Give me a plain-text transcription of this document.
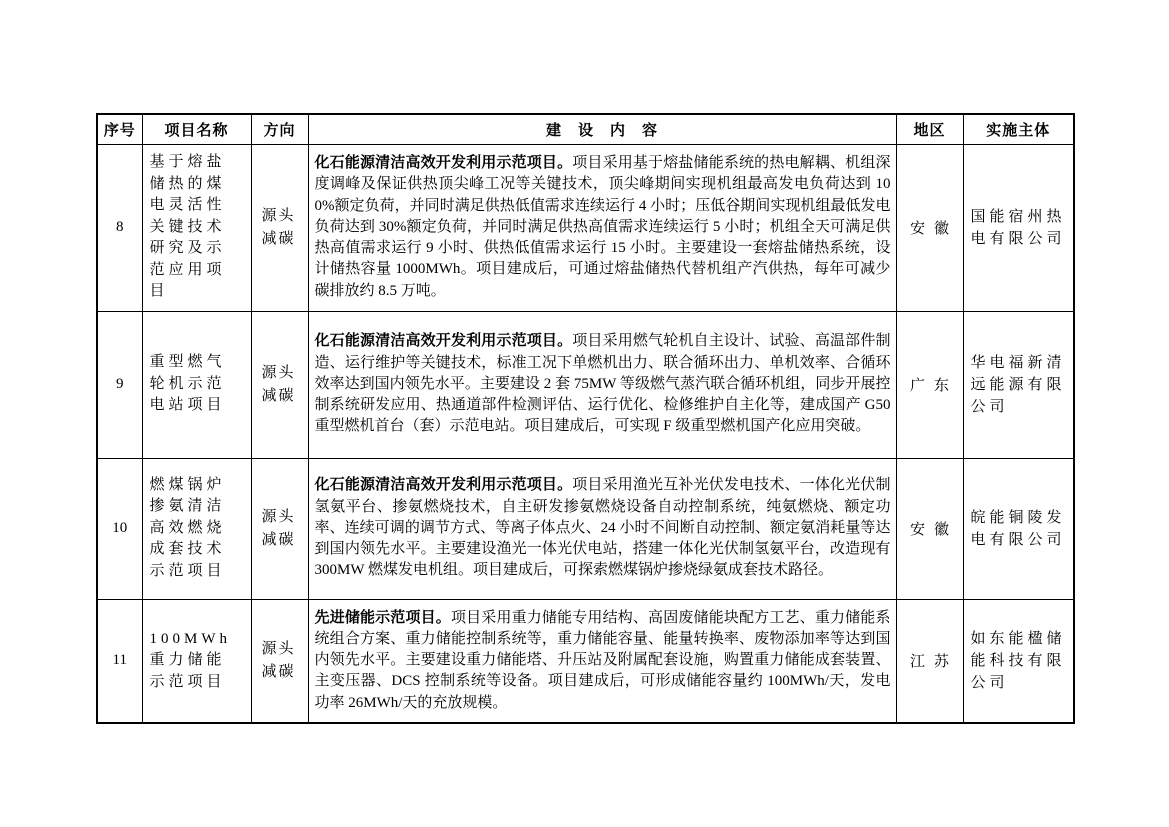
序号	项目名称	方向	建　设　内　容	地区	实施主体
8	基于熔盐储热的煤电灵活性关键技术研究及示范应用项目	源头减碳	化石能源清洁高效开发利用示范项目。项目采用基于熔盐储能系统的热电解耦、机组深度调峰及保证供热顶尖峰工况等关键技术，顶尖峰期间实现机组最高发电负荷达到 100%额定负荷，并同时满足供热低值需求连续运行 4 小时；压低谷期间实现机组最低发电负荷达到 30%额定负荷，并同时满足供热高值需求连续运行 5 小时；机组全天可满足供热高值需求运行 9 小时、供热低值需求运行 15 小时。主要建设一套熔盐储热系统，设计储热容量 1000MWh。项目建成后，可通过熔盐储热代替机组产汽供热，每年可减少碳排放约 8.5 万吨。	安徽	国能宿州热电有限公司

9	重型燃气轮机示范电站项目	源头减碳	化石能源清洁高效开发利用示范项目。项目采用燃气轮机自主设计、试验、高温部件制造、运行维护等关键技术，标准工况下单燃机出力、联合循环出力、单机效率、合循环效率达到国内领先水平。主要建设 2 套 75MW 等级燃气蒸汽联合循环机组，同步开展控制系统研发应用、热通道部件检测评估、运行优化、检修维护自主化等，建成国产 G50 重型燃机首台（套）示范电站。项目建成后，可实现 F 级重型燃机国产化应用突破。	广东	华电福新清远能源有限公司

10	燃煤锅炉掺氨清洁高效燃烧成套技术示范项目	源头减碳	化石能源清洁高效开发利用示范项目。项目采用渔光互补光伏发电技术、一体化光伏制氢氨平台、掺氨燃烧技术，自主研发掺氨燃烧设备自动控制系统，纯氨燃烧、额定功率、连续可调的调节方式、等离子体点火、24 小时不间断自动控制、额定氨消耗量等达到国内领先水平。主要建设渔光一体光伏电站，搭建一体化光伏制氢氨平台，改造现有 300MW 燃煤发电机组。项目建成后，可探索燃煤锅炉掺烧绿氨成套技术路径。	安徽	皖能铜陵发电有限公司

11	100MWh 重力储能示范项目	源头减碳	先进储能示范项目。项目采用重力储能专用结构、高固废储能块配方工艺、重力储能系统组合方案、重力储能控制系统等，重力储能容量、能量转换率、废物添加率等达到国内领先水平。主要建设重力储能塔、升压站及附属配套设施，购置重力储能成套装置、主变压器、DCS 控制系统等设备。项目建成后，可形成储能容量约 100MWh/天，发电功率 26MWh/天的充放规模。	江苏	如东能楹储能科技有限公司
